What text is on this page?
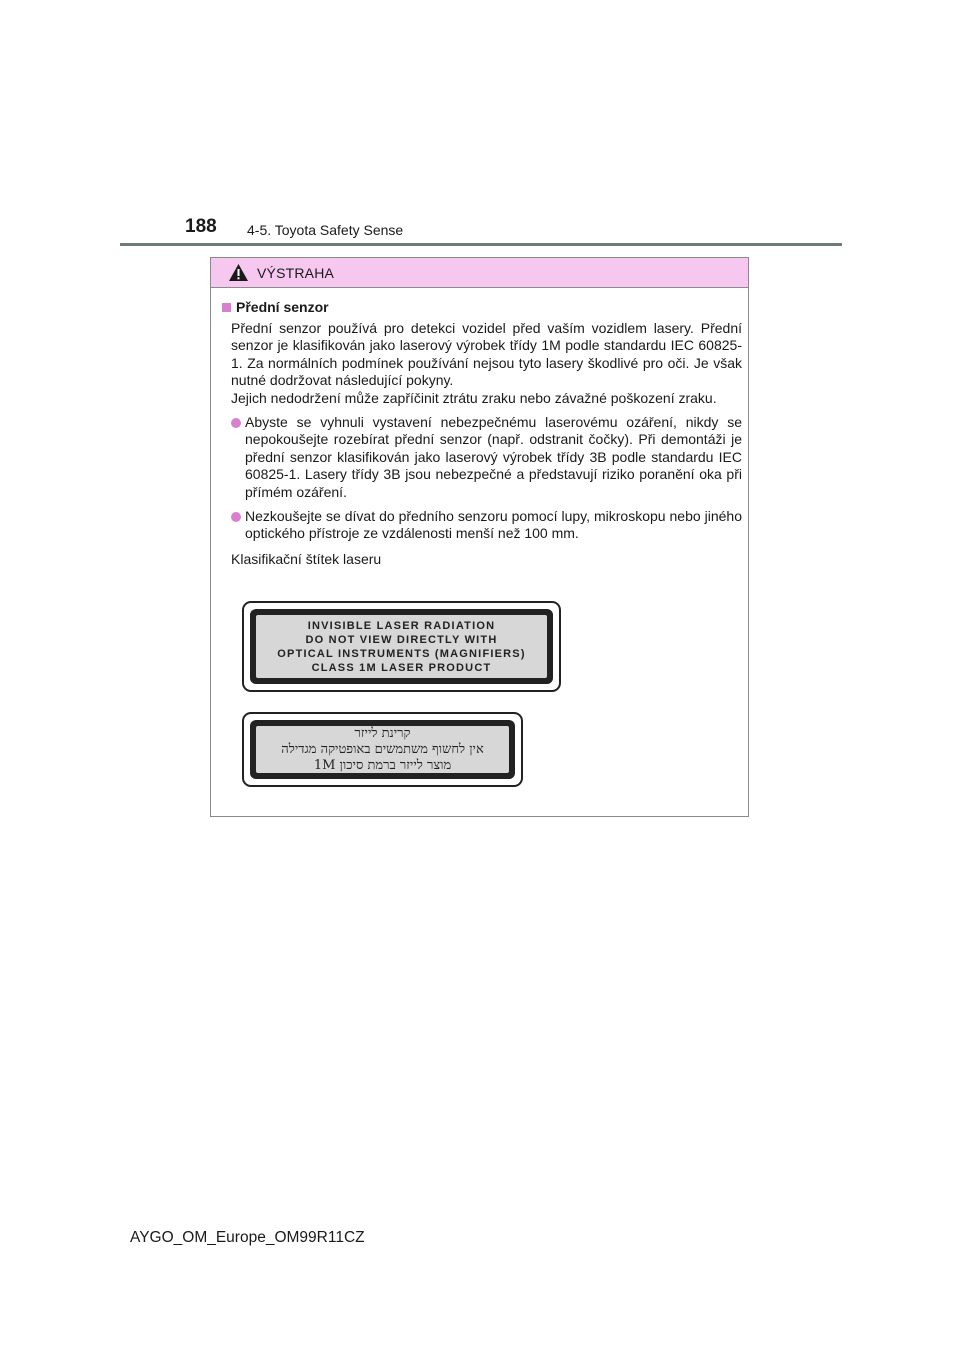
188 4-5. Toyota Safety Sense
VÝSTRAHA
Přední senzor
Přední senzor používá pro detekci vozidel před vaším vozidlem lasery. Přední senzor je klasifikován jako laserový výrobek třídy 1M podle standardu IEC 60825-1. Za normálních podmínek používání nejsou tyto lasery škodlivé pro oči. Je však nutné dodržovat následující pokyny.
Jejich nedodržení může zapříčinit ztrátu zraku nebo závažné poškození zraku.
Abyste se vyhnuli vystavení nebezpečnému laserovému ozáření, nikdy se nepokoušejte rozebírat přední senzor (např. odstranit čočky). Při demontáži je přední senzor klasifikován jako laserový výrobek třídy 3B podle standardu IEC 60825-1. Lasery třídy 3B jsou nebezpečné a představují riziko poranění oka při přímém ozáření.
Nezkoušejte se dívat do předního senzoru pomocí lupy, mikroskopu nebo jiného optického přístroje ze vzdálenosti menší než 100 mm.
Klasifikační štítek laseru
INVISIBLE LASER RADIATION
DO NOT VIEW DIRECTLY WITH
OPTICAL INSTRUMENTS (MAGNIFIERS)
CLASS 1M LASER PRODUCT
קרינת לייזר
אין לחשוף משתמשים באופטיקה מגדילה
מוצר לייזר ברמת סיכון 1M
AYGO_OM_Europe_OM99R11CZ
